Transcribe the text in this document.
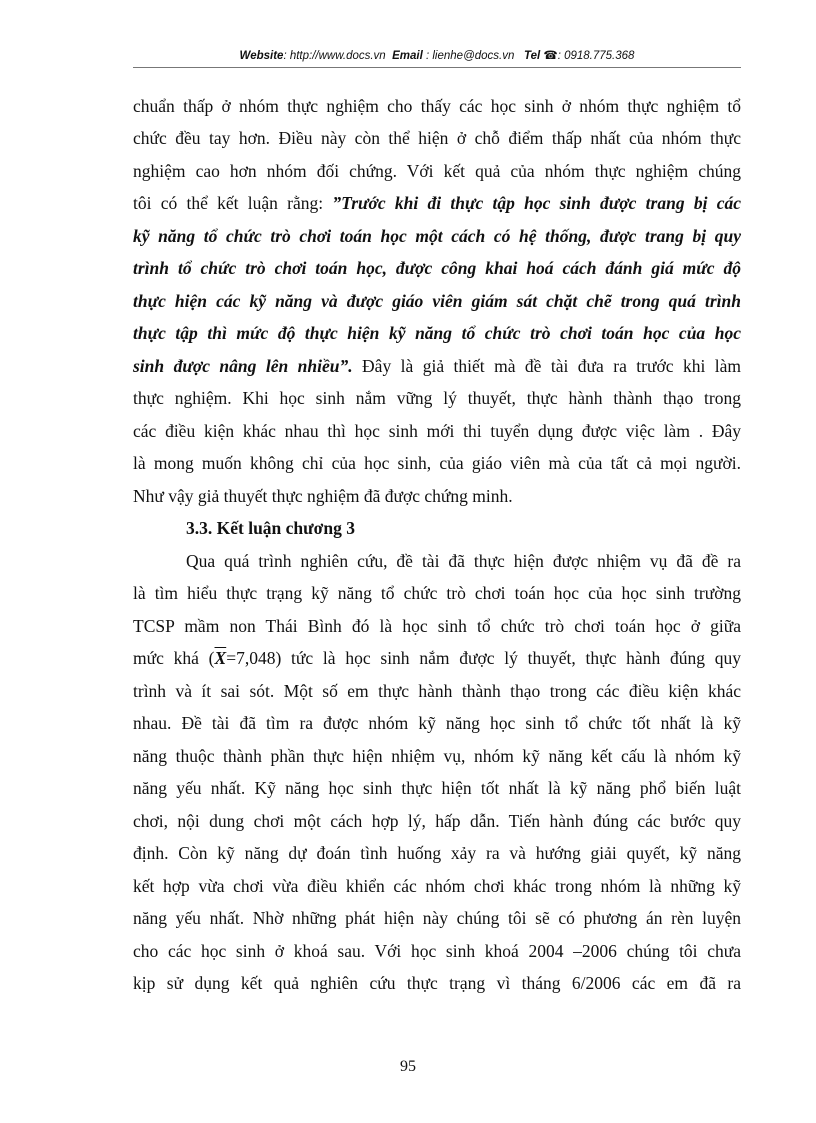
Website: http://www.docs.vn Email : lienhe@docs.vn Tel ☎: 0918.775.368
chuẩn thấp ở nhóm thực nghiệm cho thấy các học sinh ở nhóm thực nghiệm tổ
chức đều tay hơn. Điều này còn thể hiện ở chỗ điểm thấp nhất của nhóm thực
nghiệm cao hơn nhóm đối chứng. Với kết quả của nhóm thực nghiệm chúng
tôi có thể kết luận rằng: ”Trước khi đi thực tập học sinh được trang bị các
kỹ năng tổ chức trò chơi toán học một cách có hệ thống, được trang bị quy
trình tổ chức trò chơi toán học, được công khai hoá cách đánh giá mức độ
thực hiện các kỹ năng và được giáo viên giám sát chặt chẽ trong quá trình
thực tập thì mức độ thực hiện kỹ năng tổ chức trò chơi toán học của học
sinh được nâng lên nhiều”. Đây là giả thiết mà đề tài đưa ra trước khi làm
thực nghiệm. Khi học sinh nắm vững lý thuyết, thực hành thành thạo trong
các điều kiện khác nhau thì học sinh mới thi tuyển dụng được việc làm . Đây
là mong muốn không chỉ của học sinh, của giáo viên mà của tất cả mọi người.
Như vậy giả thuyết thực nghiệm đã được chứng minh.
3.3. Kết luận chương 3
Qua quá trình nghiên cứu, đề tài đã thực hiện được nhiệm vụ đã đề ra
là tìm hiểu thực trạng kỹ năng tổ chức trò chơi toán học của học sinh trường
TCSP mầm non Thái Bình đó là học sinh tổ chức trò chơi toán học ở giữa
mức khá $(\overline{X}=7,048)$ tức là học sinh nắm được lý thuyết, thực hành đúng quy
trình và ít sai sót. Một số em thực hành thành thạo trong các điều kiện khác
nhau. Đề tài đã tìm ra được nhóm kỹ năng học sinh tổ chức tốt nhất là kỹ
năng thuộc thành phần thực hiện nhiệm vụ, nhóm kỹ năng kết cấu là nhóm kỹ
năng yếu nhất. Kỹ năng học sinh thực hiện tốt nhất là kỹ năng phổ biến luật
chơi, nội dung chơi một cách hợp lý, hấp dẫn. Tiến hành đúng các bước quy
định. Còn kỹ năng dự đoán tình huống xảy ra và hướng giải quyết, kỹ năng
kết hợp vừa chơi vừa điều khiển các nhóm chơi khác trong nhóm là những kỹ
năng yếu nhất. Nhờ những phát hiện này chúng tôi sẽ có phương án rèn luyện
cho các học sinh ở khoá sau. Với học sinh khoá 2004 –2006 chúng tôi chưa
kịp sử dụng kết quả nghiên cứu thực trạng vì tháng 6/2006 các em đã ra
95
